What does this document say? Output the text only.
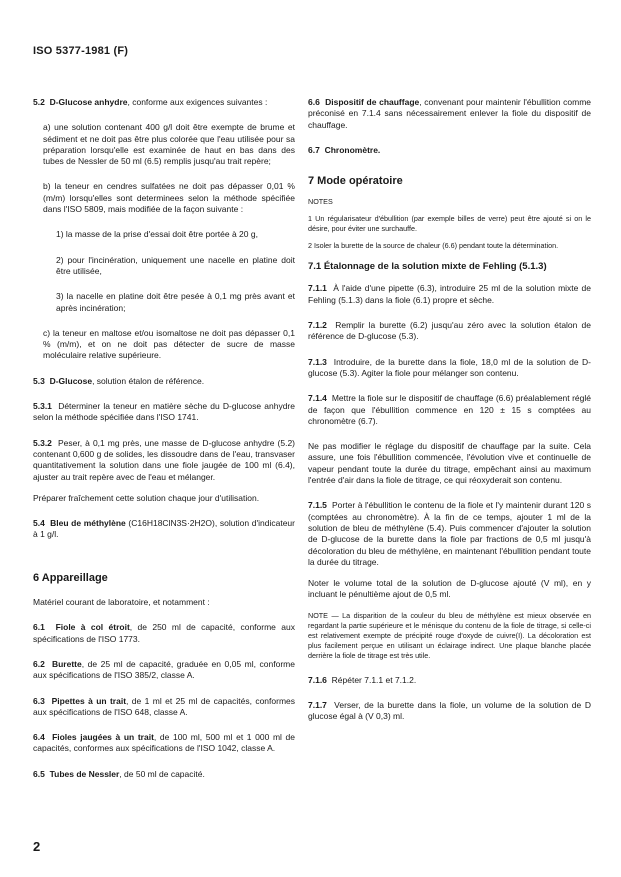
ISO 5377-1981 (F)

5.2 D-Glucose anhydre, conforme aux exigences suivantes :

a) une solution contenant 400 g/l doit être exempte de brume et sédiment et ne doit pas être plus colorée que l'eau utilisée pour sa préparation lorsqu'elle est examinée de haut en bas dans des tubes de Nessler de 50 ml (6.5) remplis jusqu'au trait repère;

b) la teneur en cendres sulfatées ne doit pas dépasser 0,01 % (m/m) lorsqu'elles sont determinees selon la méthode spécifiée dans l'ISO 5809, mais modifiée de la façon suivante :

1) la masse de la prise d'essai doit être portée à 20 g,

2) pour l'incinération, uniquement une nacelle en platine doit être utilisée,

3) la nacelle en platine doit être pesée à 0,1 mg près avant et après incinération;

c) la teneur en maltose et/ou isomaltose ne doit pas dépasser 0,1 % (m/m), et on ne doit pas détecter de sucre de masse moléculaire relative supérieure.

5.3 D-Glucose, solution étalon de référence.

5.3.1 Déterminer la teneur en matière sèche du D-glucose anhydre selon la méthode spécifiée dans l'ISO 1741.

5.3.2 Peser, à 0,1 mg près, une masse de D-glucose anhydre (5.2) contenant 0,600 g de solides, les dissoudre dans de l'eau, transvaser quantitativement la solution dans une fiole jaugée de 100 ml (6.4), ajuster au trait repère avec de l'eau et mélanger.

Préparer fraîchement cette solution chaque jour d'utilisation.

5.4 Bleu de méthylène (C16H18ClN3S·2H2O), solution d'indicateur à 1 g/l.

6 Appareillage

Matériel courant de laboratoire, et notamment :

6.1 Fiole à col étroit, de 250 ml de capacité, conforme aux spécifications de l'ISO 1773.

6.2 Burette, de 25 ml de capacité, graduée en 0,05 ml, conforme aux spécifications de l'ISO 385/2, classe A.

6.3 Pipettes à un trait, de 1 ml et 25 ml de capacités, conformes aux spécifications de l'ISO 648, classe A.

6.4 Fioles jaugées à un trait, de 100 ml, 500 ml et 1 000 ml de capacités, conformes aux spécifications de l'ISO 1042, classe A.

6.5 Tubes de Nessler, de 50 ml de capacité.

6.6 Dispositif de chauffage, convenant pour maintenir l'ébullition comme préconisé en 7.1.4 sans nécessairement enlever la fiole du dispositif de chauffage.

6.7 Chronomètre.

7 Mode opératoire

NOTES

1 Un régularisateur d'ébullition (par exemple billes de verre) peut être ajouté si on le désire, pour éviter une surchauffe.

2 Isoler la burette de la source de chaleur (6.6) pendant toute la détermination.

7.1 Étalonnage de la solution mixte de Fehling (5.1.3)

7.1.1 À l'aide d'une pipette (6.3), introduire 25 ml de la solution mixte de Fehling (5.1.3) dans la fiole (6.1) propre et sèche.

7.1.2 Remplir la burette (6.2) jusqu'au zéro avec la solution étalon de référence de D-glucose (5.3).

7.1.3 Introduire, de la burette dans la fiole, 18,0 ml de la solution de D-glucose (5.3). Agiter la fiole pour mélanger son contenu.

7.1.4 Mettre la fiole sur le dispositif de chauffage (6.6) préalablement réglé de façon que l'ébullition commence en 120 ± 15 s comptées au chronomètre (6.7).

Ne pas modifier le réglage du dispositif de chauffage par la suite. Cela assure, une fois l'ébullition commencée, l'évolution vive et continuelle de vapeur pendant toute la durée du titrage, empêchant ainsi au maximum l'entrée d'air dans la fiole de titrage, ce qui réoxyderait son contenu.

7.1.5 Porter à l'ébullition le contenu de la fiole et l'y maintenir durant 120 s (comptées au chronomètre). À la fin de ce temps, ajouter 1 ml de la solution de bleu de méthylène (5.4). Puis commencer d'ajouter la solution de D-glucose de la burette dans la fiole par fractions de 0,5 ml jusqu'à décoloration du bleu de méthylène, en maintenant l'ébullition pendant toute la durée du titrage.

Noter le volume total de la solution de D-glucose ajouté (V ml), en y incluant le pénultième ajout de 0,5 ml.

NOTE — La disparition de la couleur du bleu de méthylène est mieux observée en regardant la partie supérieure et le ménisque du contenu de la fiole de titrage, si celle-ci est relativement exempte de précipité rouge d'oxyde de cuivre(I). La décoloration est plus facilement perçue en utilisant un éclairage indirect. Une plaque blanche placée derrière la fiole de titrage est très utile.

7.1.6 Répéter 7.1.1 et 7.1.2.

7.1.7 Verser, de la burette dans la fiole, un volume de la solution de D glucose égal à (V 0,3) ml.

2
